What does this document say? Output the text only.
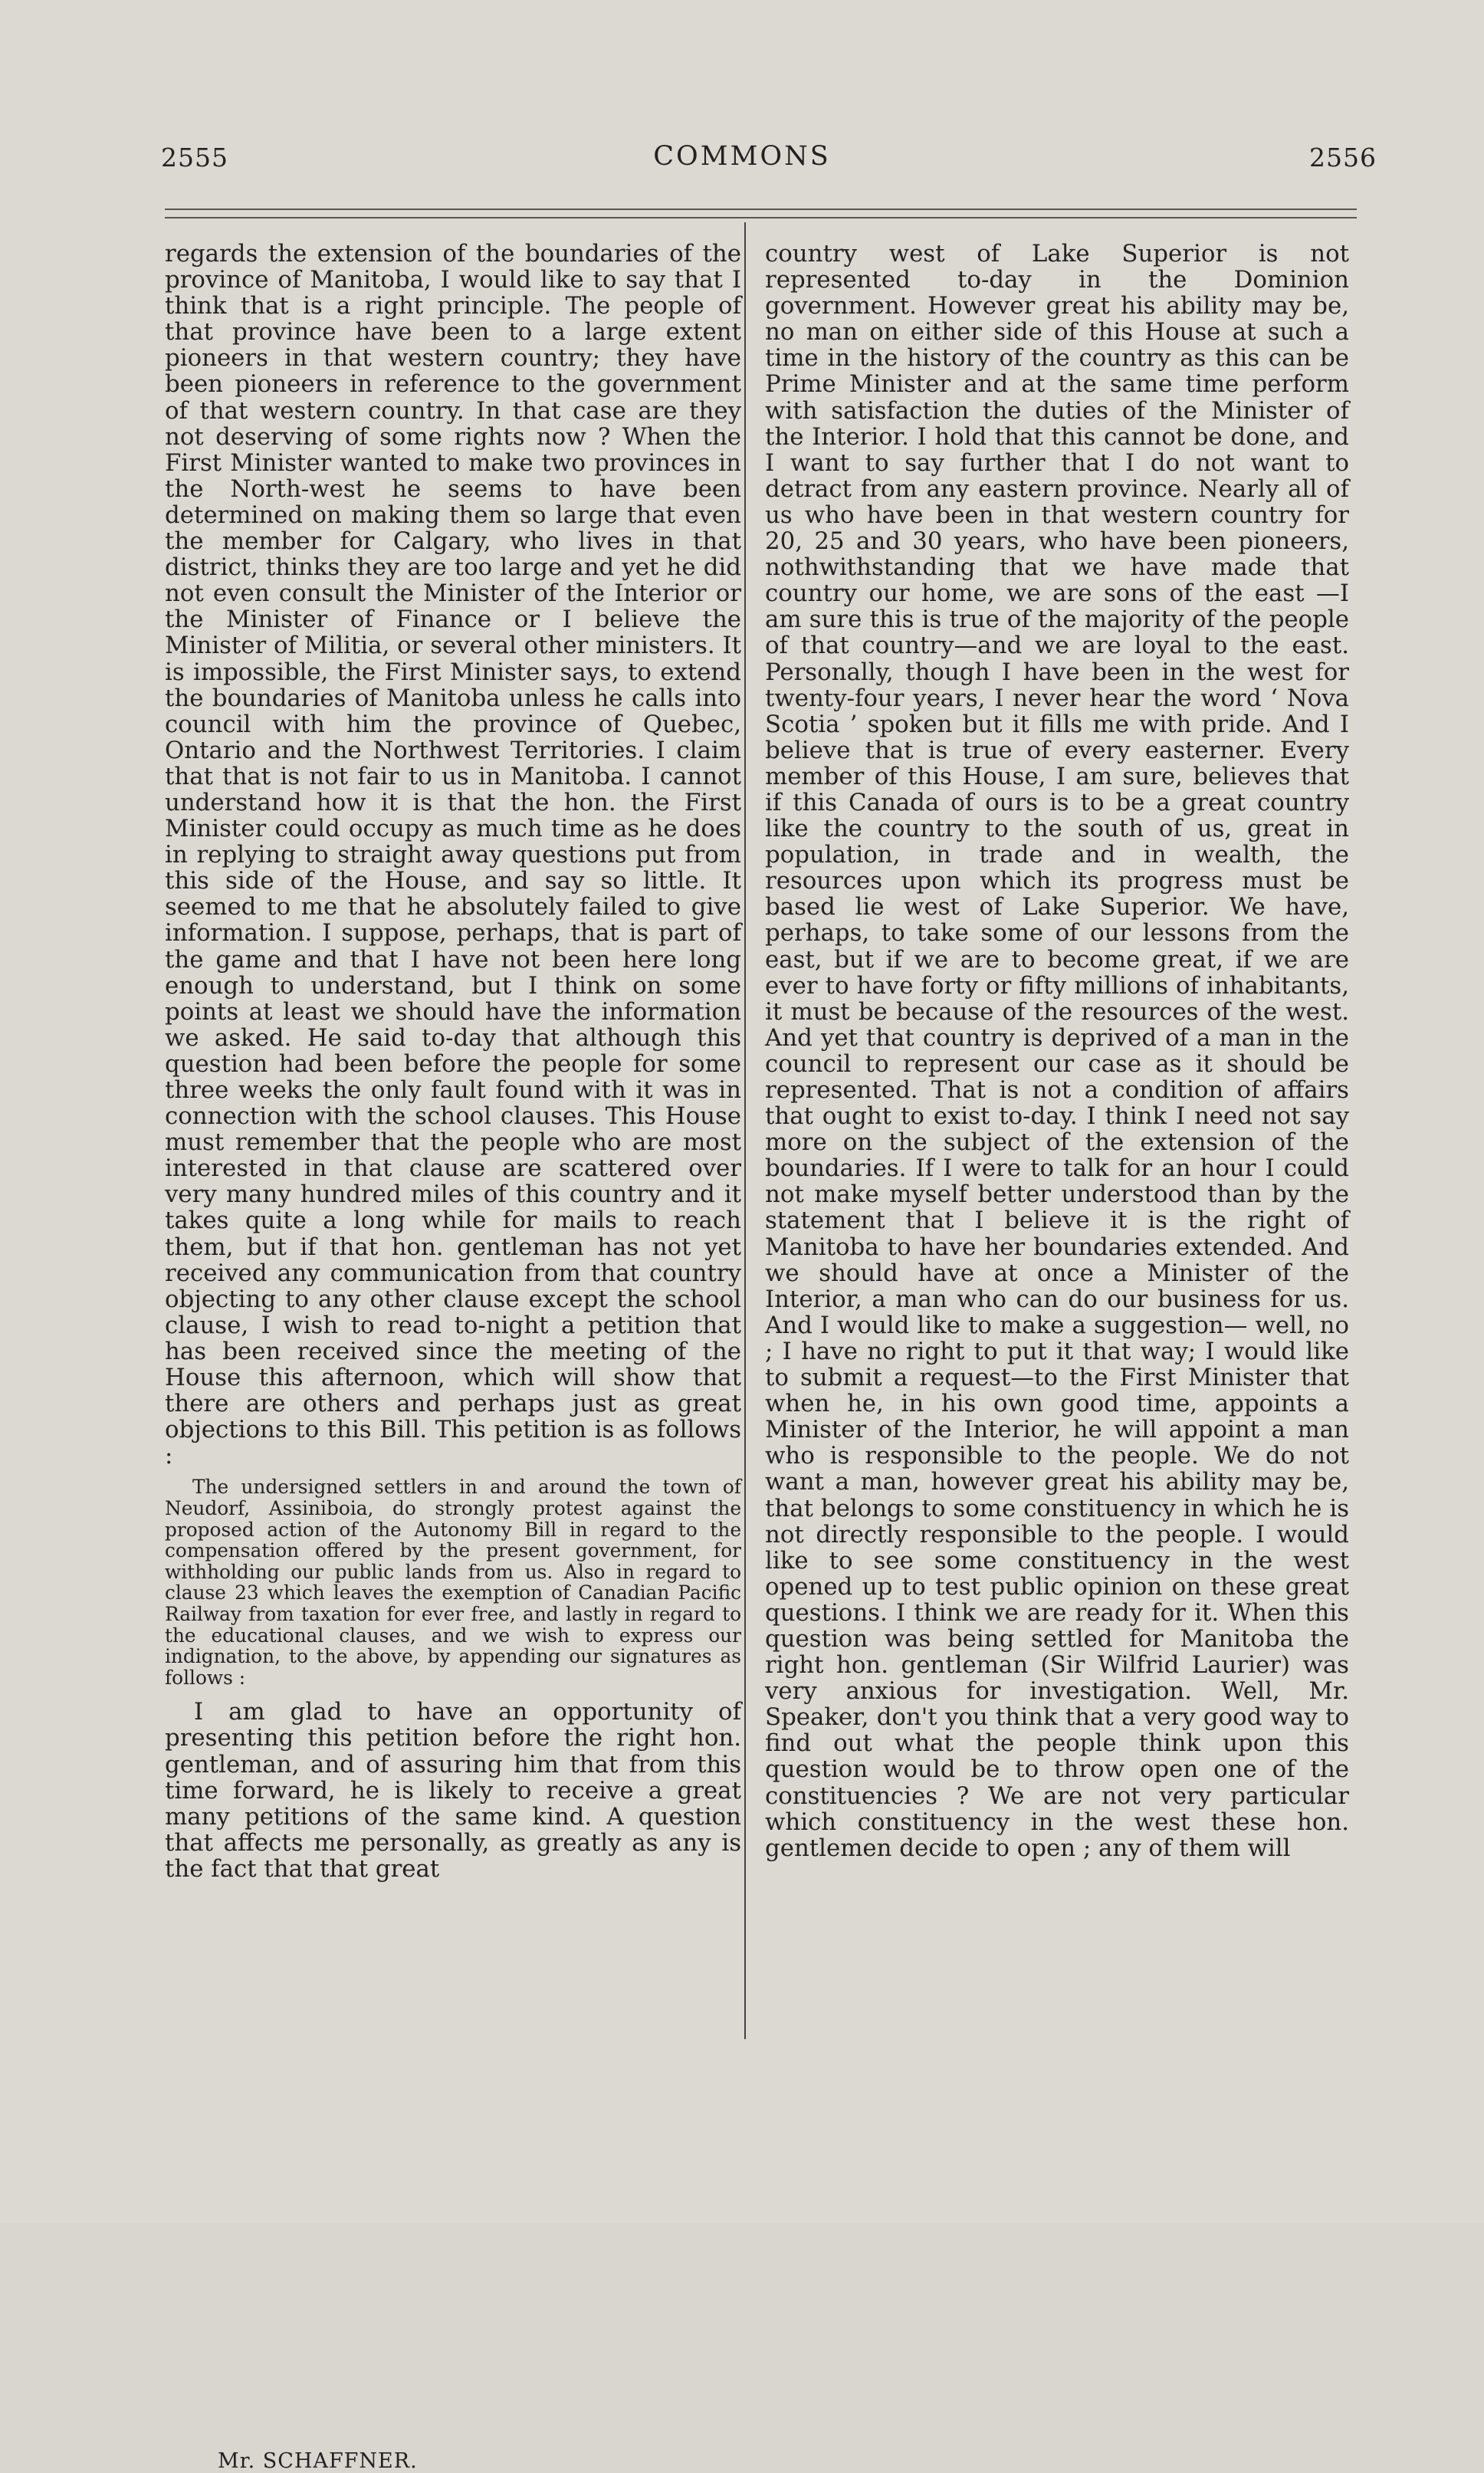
2555	COMMONS	2556

regards the extension of the boundaries of the province of Manitoba, I would like to say that I think that is a right principle. The people of that province have been to a large extent pioneers in that western country; they have been pioneers in reference to the government of that western country. In that case are they not deserving of some rights now ? When the First Minister wanted to make two provinces in the North-west he seems to have been determined on making them so large that even the member for Calgary, who lives in that district, thinks they are too large and yet he did not even consult the Minister of the Interior or the Minister of Finance or I believe the Minister of Militia, or several other ministers. It is impossible, the First Minister says, to extend the boundaries of Manitoba unless he calls into council with him the province of Quebec, Ontario and the Northwest Territories. I claim that that is not fair to us in Manitoba. I cannot understand how it is that the hon. the First Minister could occupy as much time as he does in replying to straight away questions put from this side of the House, and say so little. It seemed to me that he absolutely failed to give information. I suppose, perhaps, that is part of the game and that I have not been here long enough to understand, but I think on some points at least we should have the information we asked. He said to-day that although this question had been before the people for some three weeks the only fault found with it was in connection with the school clauses. This House must remember that the people who are most interested in that clause are scattered over very many hundred miles of this country and it takes quite a long while for mails to reach them, but if that hon. gentleman has not yet received any communication from that country objecting to any other clause except the school clause, I wish to read to-night a petition that has been received since the meeting of the House this afternoon, which will show that there are others and perhaps just as great objections to this Bill. This petition is as follows :

The undersigned settlers in and around the town of Neudorf, Assiniboia, do strongly protest against the proposed action of the Autonomy Bill in regard to the compensation offered by the present government, for withholding our public lands from us. Also in regard to clause 23 which leaves the exemption of Canadian Pacific Railway from taxation for ever free, and lastly in regard to the educational clauses, and we wish to express our indignation, to the above, by appending our signatures as follows :

I am glad to have an opportunity of presenting this petition before the right hon. gentleman, and of assuring him that from this time forward, he is likely to receive a great many petitions of the same kind. A question that affects me personally, as greatly as any is the fact that that great

country west of Lake Superior is not represented to-day in the Dominion government. However great his ability may be, no man on either side of this House at such a time in the history of the country as this can be Prime Minister and at the same time perform with satisfaction the duties of the Minister of the Interior. I hold that this cannot be done, and I want to say further that I do not want to detract from any eastern province. Nearly all of us who have been in that western country for 20, 25 and 30 years, who have been pioneers, nothwithstanding that we have made that country our home, we are sons of the east —I am sure this is true of the majority of the people of that country—and we are loyal to the east. Personally, though I have been in the west for twenty-four years, I never hear the word ‘ Nova Scotia ’ spoken but it fills me with pride. And I believe that is true of every easterner. Every member of this House, I am sure, believes that if this Canada of ours is to be a great country like the country to the south of us, great in population, in trade and in wealth, the resources upon which its progress must be based lie west of Lake Superior. We have, perhaps, to take some of our lessons from the east, but if we are to become great, if we are ever to have forty or fifty millions of inhabitants, it must be because of the resources of the west. And yet that country is deprived of a man in the council to represent our case as it should be represented. That is not a condition of affairs that ought to exist to-day. I think I need not say more on the subject of the extension of the boundaries. If I were to talk for an hour I could not make myself better understood than by the statement that I believe it is the right of Manitoba to have her boundaries extended. And we should have at once a Minister of the Interior, a man who can do our business for us. And I would like to make a suggestion— well, no ; I have no right to put it that way; I would like to submit a request—to the First Minister that when he, in his own good time, appoints a Minister of the Interior, he will appoint a man who is responsible to the people. We do not want a man, however great his ability may be, that belongs to some constituency in which he is not directly responsible to the people. I would like to see some constituency in the west opened up to test public opinion on these great questions. I think we are ready for it. When this question was being settled for Manitoba the right hon. gentleman (Sir Wilfrid Laurier) was very anxious for investigation. Well, Mr. Speaker, don't you think that a very good way to find out what the people think upon this question would be to throw open one of the constituencies ? We are not very particular which constituency in the west these hon. gentlemen decide to open ; any of them will

Mr. SCHAFFNER.
